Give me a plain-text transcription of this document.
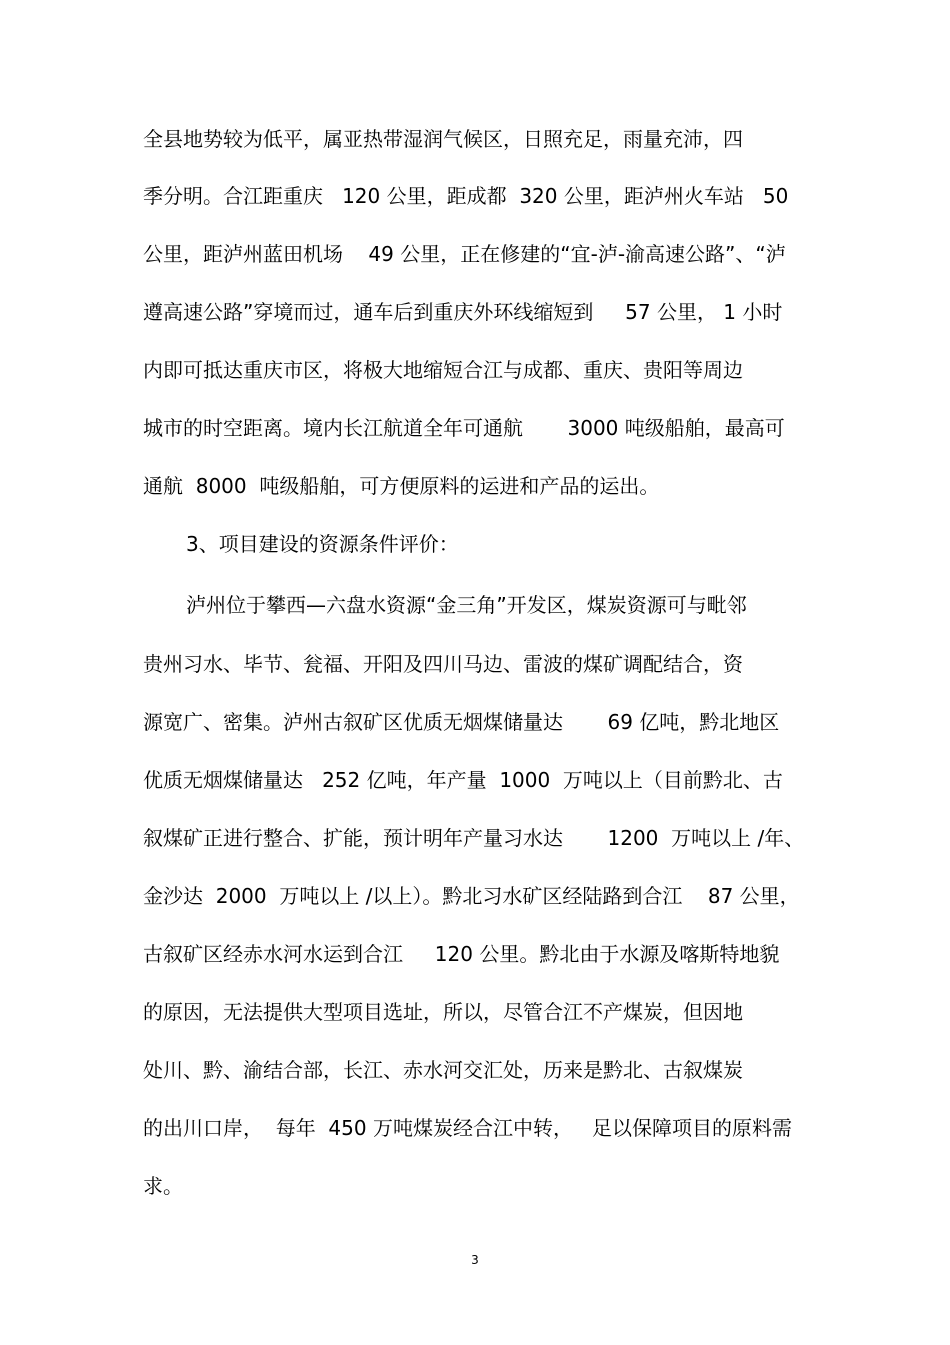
全县地势较为低平，属亚热带湿润气候区，日照充足，雨量充沛，四
季分明。合江距重庆   120 公里，距成都  320 公里，距泸州火车站   50
公里，距泸州蓝田机场    49 公里，正在修建的“宜-泸-渝高速公路”、“泸
遵高速公路”穿境而过，通车后到重庆外环线缩短到     57 公里， 1 小时
内即可抵达重庆市区，将极大地缩短合江与成都、重庆、贵阳等周边
城市的时空距离。境内长江航道全年可通航       3000 吨级船舶，最高可
通航  8000  吨级船舶，可方便原料的运进和产品的运出。
3、项目建设的资源条件评价：
泸州位于攀西—六盘水资源“金三角”开发区，煤炭资源可与毗邻
贵州习水、毕节、瓮福、开阳及四川马边、雷波的煤矿调配结合，资
源宽广、密集。泸州古叙矿区优质无烟煤储量达       69 亿吨，黔北地区
优质无烟煤储量达   252 亿吨，年产量  1000  万吨以上（目前黔北、古
叙煤矿正进行整合、扩能，预计明年产量习水达       1200  万吨以上 /年、
金沙达  2000  万吨以上 /以上）。黔北习水矿区经陆路到合江    87 公里，
古叙矿区经赤水河水运到合江     120 公里。黔北由于水源及喀斯特地貌
的原因，无法提供大型项目选址，所以，尽管合江不产煤炭，但因地
处川、黔、渝结合部，长江、赤水河交汇处，历来是黔北、古叙煤炭
的出川口岸，  每年  450 万吨煤炭经合江中转，   足以保障项目的原料需
求。
3
